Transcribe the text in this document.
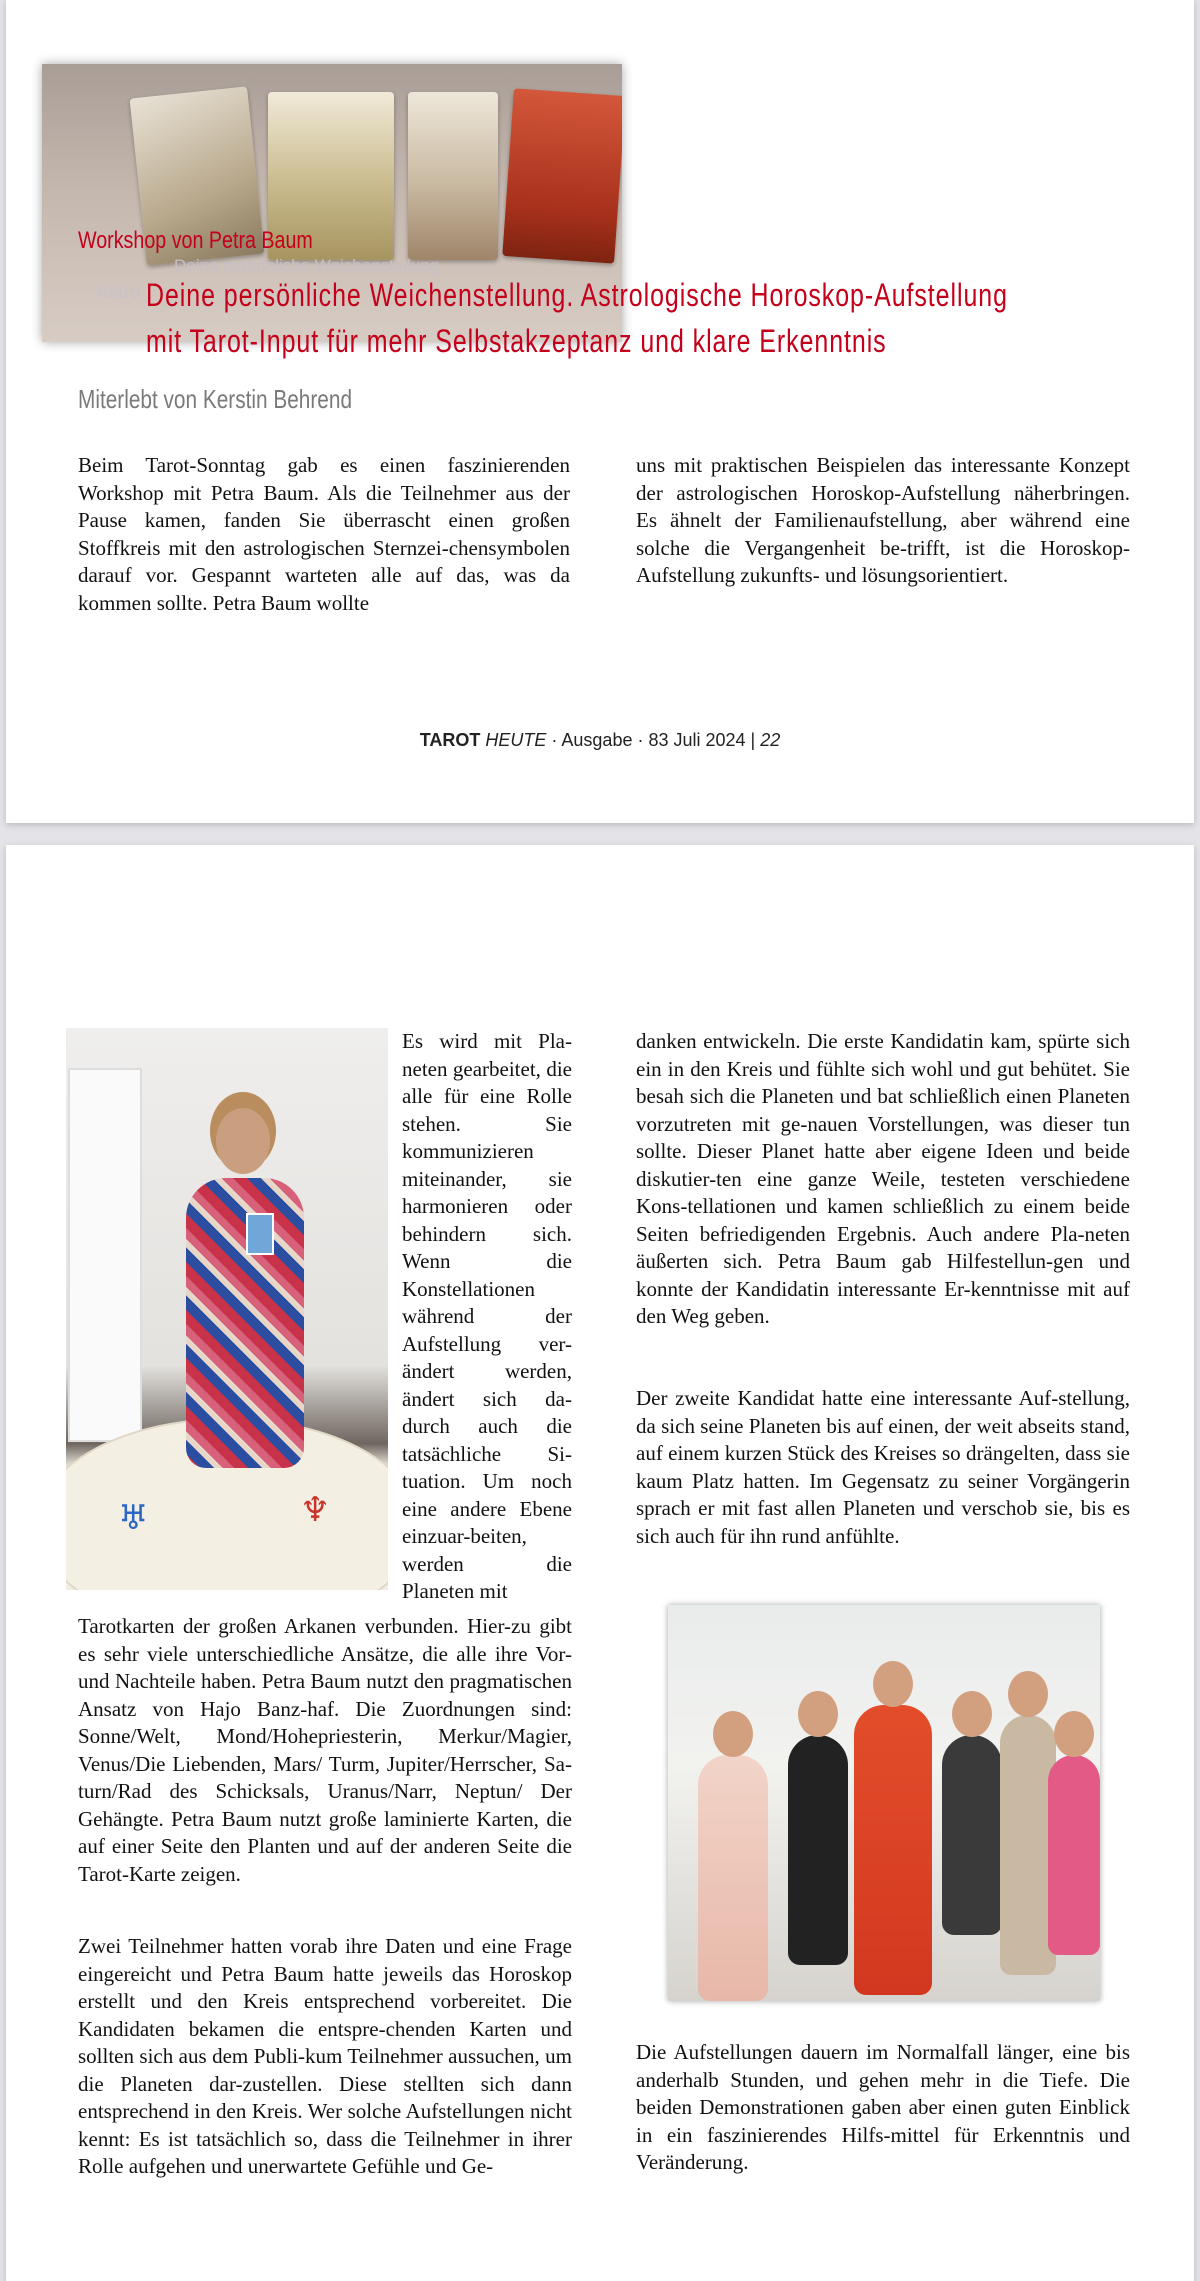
Deine persönliche Weichenstellung
Astro
Workshop von Petra Baum
Deine persönliche Weichenstellung. Astrologische Horoskop-Aufstellung
mit Tarot-Input für mehr Selbstakzeptanz und klare Erkenntnis
Miterlebt von Kerstin Behrend
Beim Tarot-Sonntag gab es einen faszinierenden Workshop mit Petra Baum. Als die Teilnehmer aus der Pause kamen, fanden Sie überrascht einen großen Stoffkreis mit den astrologischen Sternzei-chensymbolen darauf vor. Gespannt warteten alle auf das, was da kommen sollte. Petra Baum wollte
uns mit praktischen Beispielen das interessante Konzept der astrologischen Horoskop-Aufstellung näherbringen. Es ähnelt der Familienaufstellung, aber während eine solche die Vergangenheit be-trifft, ist die Horoskop-Aufstellung zukunfts- und lösungsorientiert.
TAROT HEUTE · Ausgabe · 83 Juli 2024 | 22
♅	♆
Es wird mit Pla-neten gearbeitet, die alle für eine Rolle stehen. Sie kommunizieren miteinander, sie harmonieren oder behindern sich. Wenn die Konstellationen während der Aufstellung ver-ändert werden, ändert sich da-durch auch die tatsächliche Si-tuation. Um noch eine andere Ebene einzuar-beiten, werden die Planeten mit
Tarotkarten der großen Arkanen verbunden. Hier-zu gibt es sehr viele unterschiedliche Ansätze, die alle ihre Vor- und Nachteile haben. Petra Baum nutzt den pragmatischen Ansatz von Hajo Banz-haf. Die Zuordnungen sind: Sonne/Welt, Mond/Hohepriesterin, Merkur/Magier, Venus/Die Liebenden, Mars/ Turm, Jupiter/Herrscher, Sa-turn/Rad des Schicksals, Uranus/Narr, Neptun/ Der Gehängte. Petra Baum nutzt große laminierte Karten, die auf einer Seite den Planten und auf der anderen Seite die Tarot-Karte zeigen.
Zwei Teilnehmer hatten vorab ihre Daten und eine Frage eingereicht und Petra Baum hatte jeweils das Horoskop erstellt und den Kreis entsprechend vorbereitet. Die Kandidaten bekamen die entspre-chenden Karten und sollten sich aus dem Publi-kum Teilnehmer aussuchen, um die Planeten dar-zustellen. Diese stellten sich dann entsprechend in den Kreis. Wer solche Aufstellungen nicht kennt: Es ist tatsächlich so, dass die Teilnehmer in ihrer Rolle aufgehen und unerwartete Gefühle und Ge-
danken entwickeln. Die erste Kandidatin kam, spürte sich ein in den Kreis und fühlte sich wohl und gut behütet. Sie besah sich die Planeten und bat schließlich einen Planeten vorzutreten mit ge-nauen Vorstellungen, was dieser tun sollte. Dieser Planet hatte aber eigene Ideen und beide diskutier-ten eine ganze Weile, testeten verschiedene Kons-tellationen und kamen schließlich zu einem beide Seiten befriedigenden Ergebnis. Auch andere Pla-neten äußerten sich. Petra Baum gab Hilfestellun-gen und konnte der Kandidatin interessante Er-kenntnisse mit auf den Weg geben.
Der zweite Kandidat hatte eine interessante Auf-stellung, da sich seine Planeten bis auf einen, der weit abseits stand, auf einem kurzen Stück des Kreises so drängelten, dass sie kaum Platz hatten. Im Gegensatz zu seiner Vorgängerin sprach er mit fast allen Planeten und verschob sie, bis es sich auch für ihn rund anfühlte.
Die Aufstellungen dauern im Normalfall länger, eine bis anderhalb Stunden, und gehen mehr in die Tiefe. Die beiden Demonstrationen gaben aber einen guten Einblick in ein faszinierendes Hilfs-mittel für Erkenntnis und Veränderung.
